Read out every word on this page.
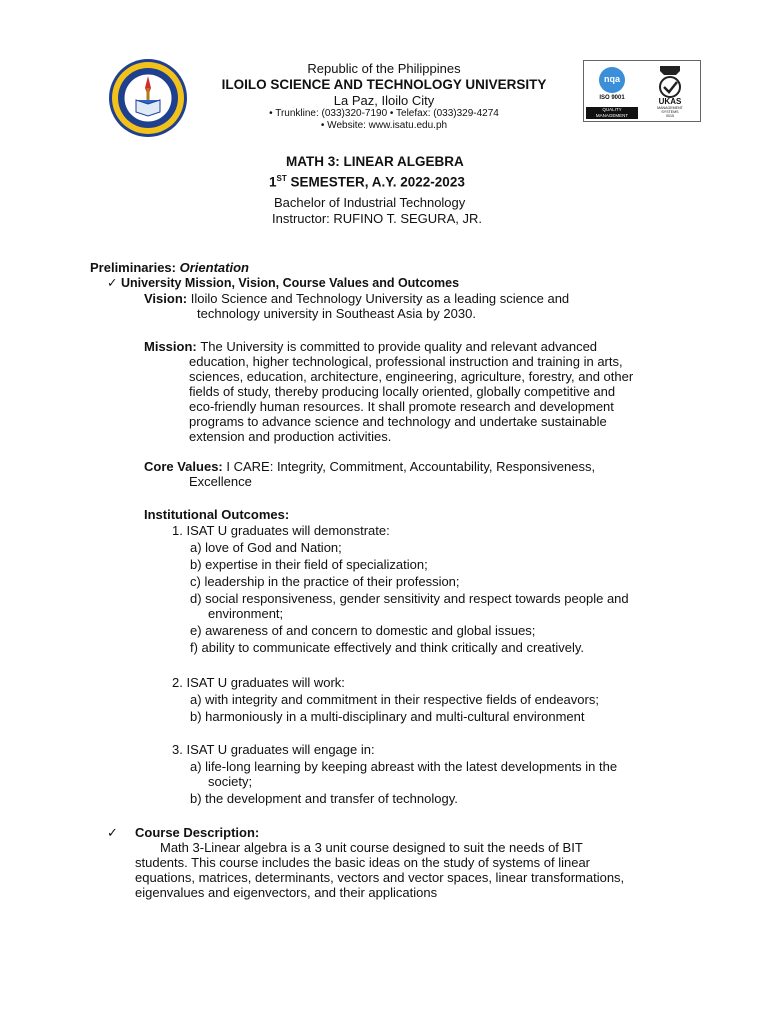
Republic of the Philippines
ILOILO SCIENCE AND TECHNOLOGY UNIVERSITY
La Paz, Iloilo City
• Trunkline: (033)320-7190 • Telefax: (033)329-4274
• Website: www.isatu.edu.ph
nqa
ISO 9001
QUALITY
MANAGEMENT
UKAS
MANAGEMENT
SYSTEMS
0015
MATH 3: LINEAR ALGEBRA
1ST SEMESTER, A.Y. 2022-2023
Bachelor of Industrial Technology
Instructor: RUFINO T. SEGURA, JR.
Preliminaries: Orientation
✓ University Mission, Vision, Course Values and Outcomes
Vision: Iloilo Science and Technology University as a leading science and
technology university in Southeast Asia by 2030.
Mission: The University is committed to provide quality and relevant advanced
education, higher technological, professional instruction and training in arts,
sciences, education, architecture, engineering, agriculture, forestry, and other
fields of study, thereby producing locally oriented, globally competitive and
eco-friendly human resources. It shall promote research and development
programs to advance science and technology and undertake sustainable
extension and production activities.
Core Values: I CARE: Integrity, Commitment, Accountability, Responsiveness,
Excellence
Institutional Outcomes:
1. ISAT U graduates will demonstrate:
a) love of God and Nation;
b) expertise in their field of specialization;
c) leadership in the practice of their profession;
d) social responsiveness, gender sensitivity and respect towards people and
environment;
e) awareness of and concern to domestic and global issues;
f) ability to communicate effectively and think critically and creatively.
2. ISAT U graduates will work:
a) with integrity and commitment in their respective fields of endeavors;
b) harmoniously in a multi-disciplinary and multi-cultural environment
3. ISAT U graduates will engage in:
a) life-long learning by keeping abreast with the latest developments in the
society;
b) the development and transfer of technology.
✓ Course Description:
Math 3-Linear algebra is a 3 unit course designed to suit the needs of BIT
students. This course includes the basic ideas on the study of systems of linear
equations, matrices, determinants, vectors and vector spaces, linear transformations,
eigenvalues and eigenvectors, and their applications
